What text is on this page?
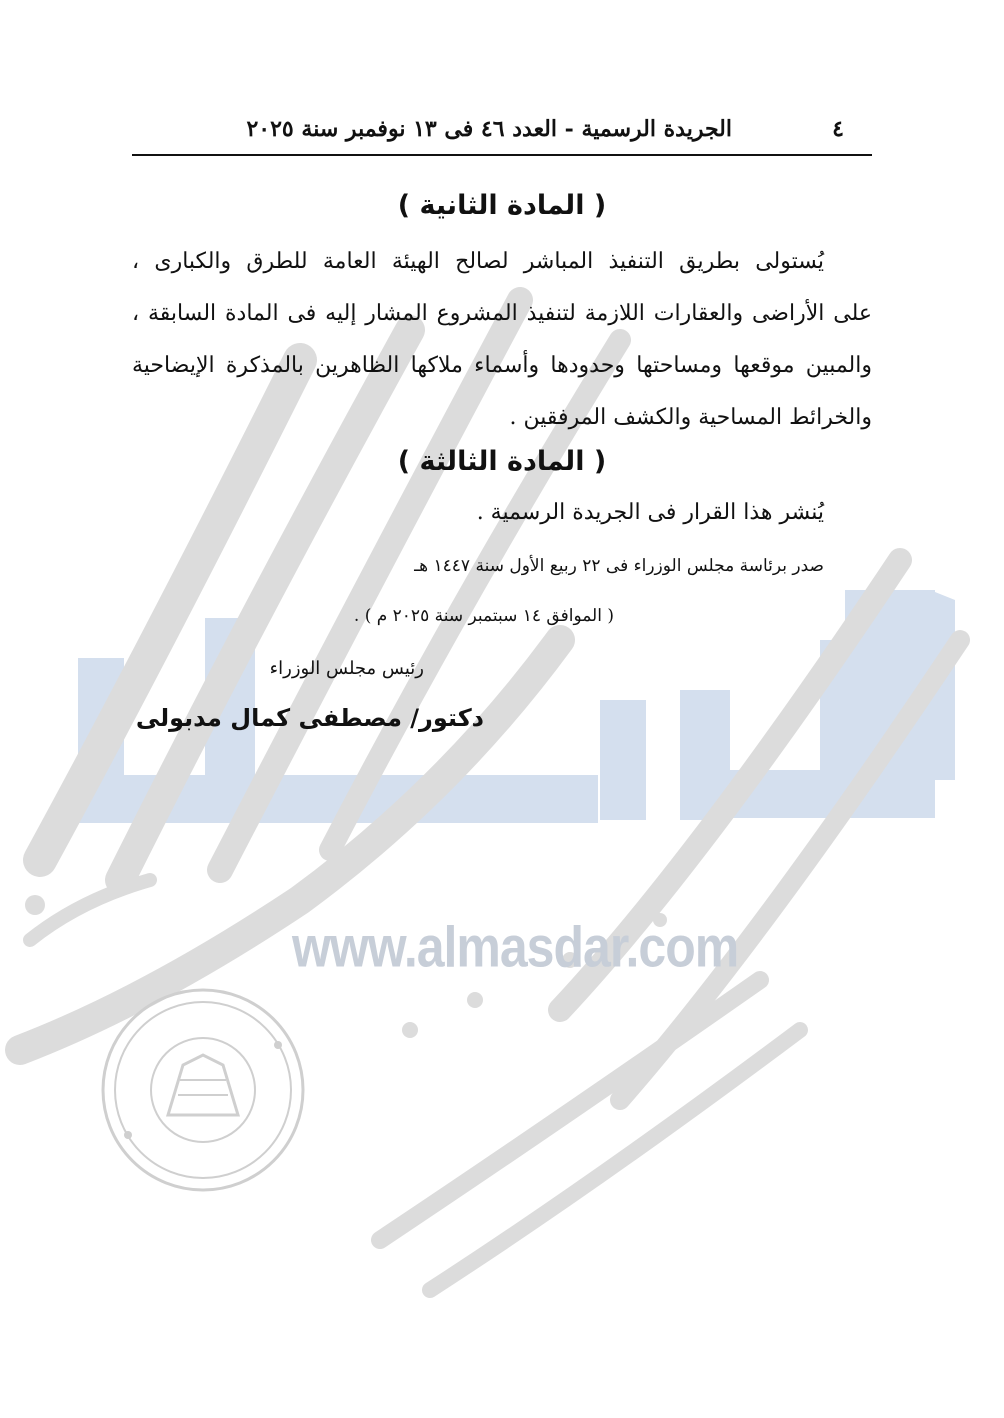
www.almasdar.com
٤
الجريدة الرسمية - العدد ٤٦ فى ١٣ نوفمبر سنة ٢٠٢٥
( المادة الثانية )
يُستولى بطريق التنفيذ المباشر لصالح الهيئة العامة للطرق والكبارى ،
على الأراضى والعقارات اللازمة لتنفيذ المشروع المشار إليه فى المادة السابقة ،
والمبين موقعها ومساحتها وحدودها وأسماء ملاكها الظاهرين بالمذكرة الإيضاحية
والخرائط المساحية والكشف المرفقين .
( المادة الثالثة )
يُنشر هذا القرار فى الجريدة الرسمية .
صدر برئاسة مجلس الوزراء فى ٢٢ ربيع الأول سنة ١٤٤٧ هـ
( الموافق ١٤ سبتمبر سنة ٢٠٢٥ م ) .
رئيس مجلس الوزراء
دكتور/ مصطفى كمال مدبولى
